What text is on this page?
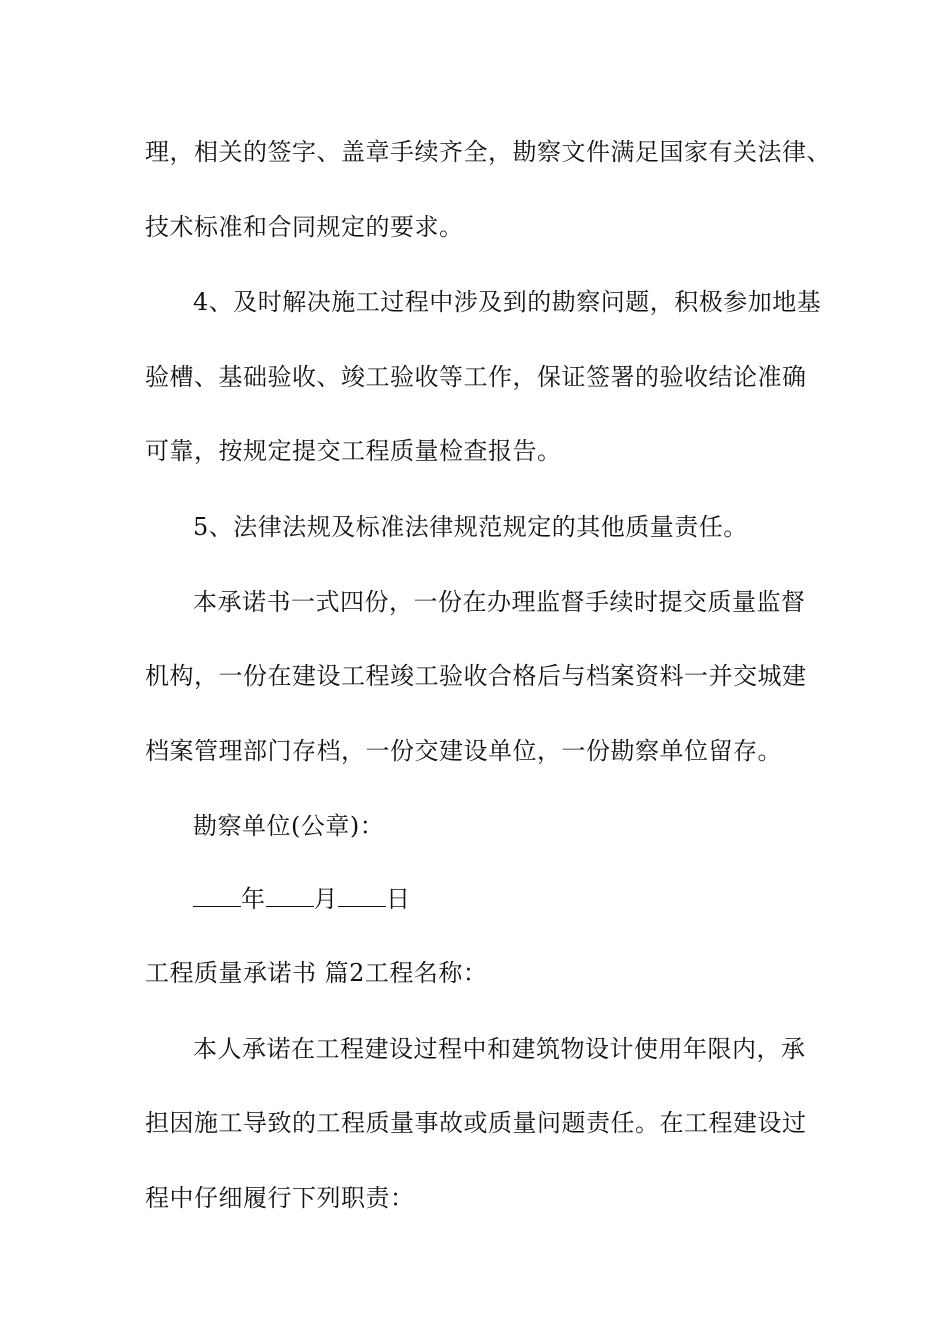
理，相关的签字、盖章手续齐全，勘察文件满足国家有关法律、
技术标准和合同规定的要求。
4、及时解决施工过程中涉及到的勘察问题，积极参加地基
验槽、基础验收、竣工验收等工作，保证签署的验收结论准确
可靠，按规定提交工程质量检查报告。
5、法律法规及标准法律规范规定的其他质量责任。
本承诺书一式四份，一份在办理监督手续时提交质量监督
机构，一份在建设工程竣工验收合格后与档案资料一并交城建
档案管理部门存档，一份交建设单位，一份勘察单位留存。
勘察单位(公章)：
年 月 日
工程质量承诺书 篇2工程名称：
本人承诺在工程建设过程中和建筑物设计使用年限内，承
担因施工导致的工程质量事故或质量问题责任。在工程建设过
程中仔细履行下列职责：
